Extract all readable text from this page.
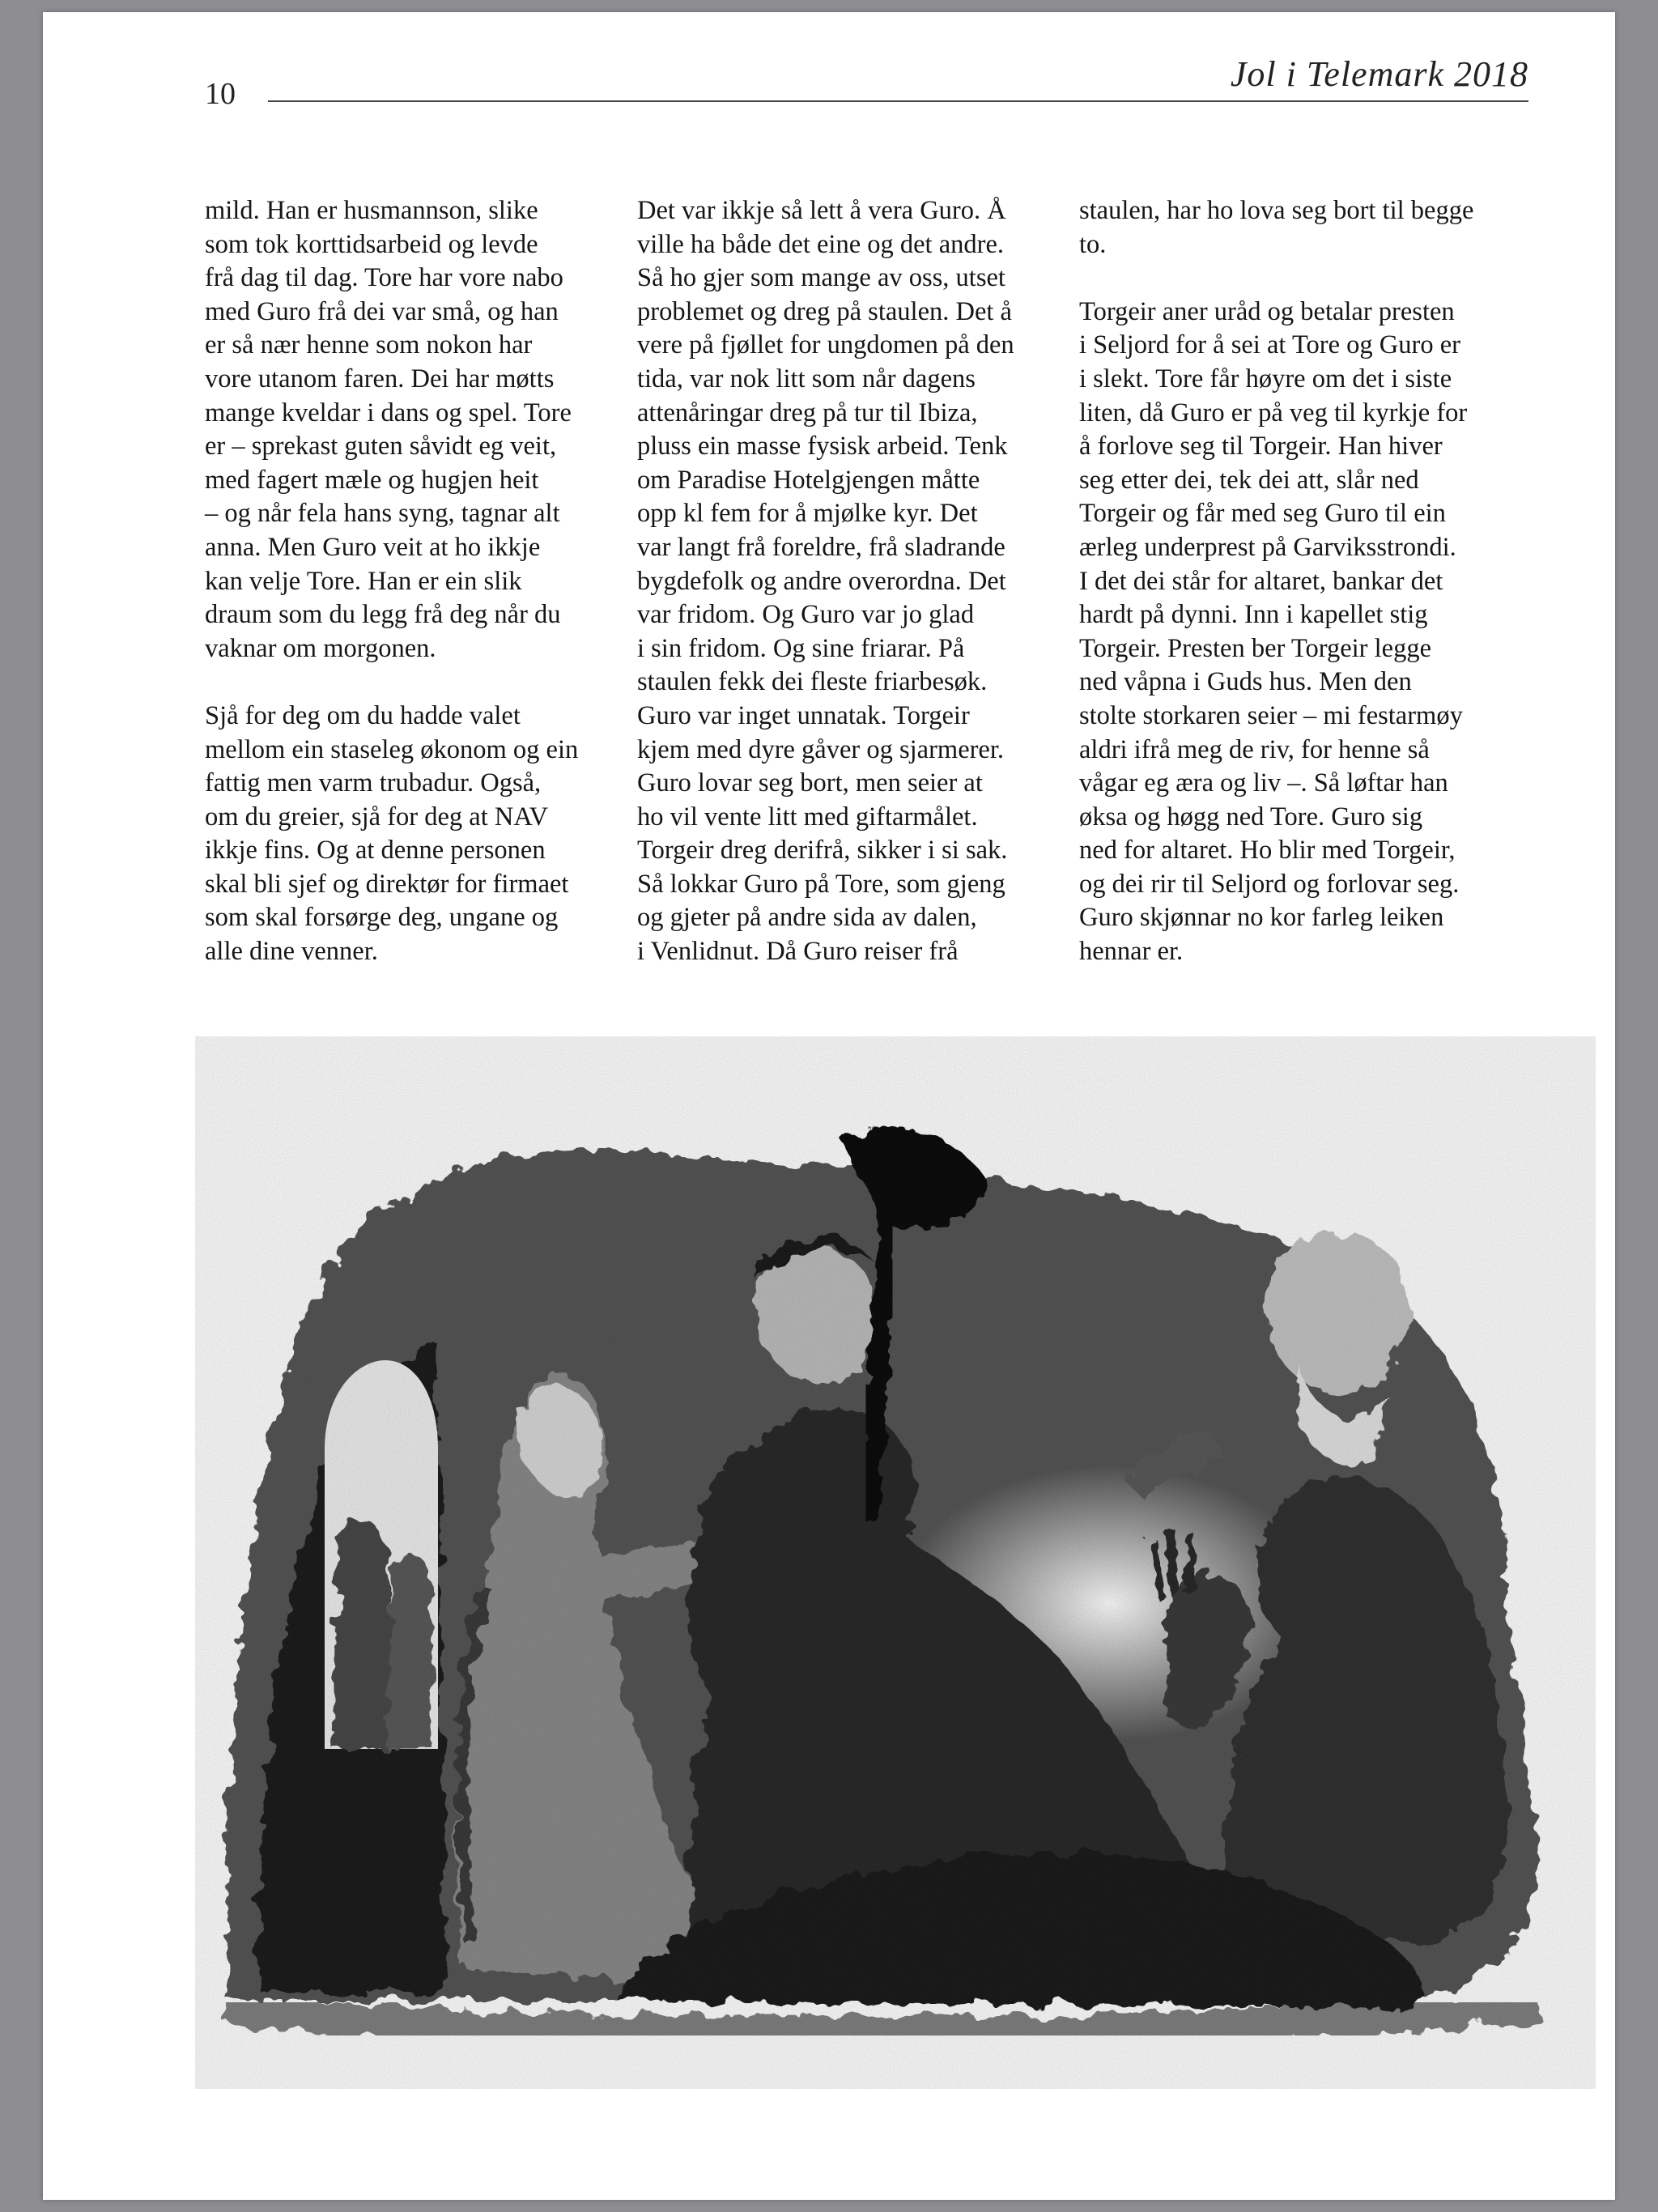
10	Jol i Telemark 2018

mild. Han er husmannson, slike
som tok korttidsarbeid og levde
frå dag til dag. Tore har vore nabo
med Guro frå dei var små, og han
er så nær henne som nokon har
vore utanom faren. Dei har møtts
mange kveldar i dans og spel. Tore
er – sprekast guten såvidt eg veit,
med fagert mæle og hugjen heit
– og når fela hans syng, tagnar alt
anna. Men Guro veit at ho ikkje
kan velje Tore. Han er ein slik
draum som du legg frå deg når du
vaknar om morgonen.

Sjå for deg om du hadde valet
mellom ein staseleg økonom og ein
fattig men varm trubadur. Også,
om du greier, sjå for deg at NAV
ikkje fins. Og at denne personen
skal bli sjef og direktør for firmaet
som skal forsørge deg, ungane og
alle dine venner.

Det var ikkje så lett å vera Guro. Å
ville ha både det eine og det andre.
Så ho gjer som mange av oss, utset
problemet og dreg på staulen. Det å
vere på fjøllet for ungdomen på den
tida, var nok litt som når dagens
attenåringar dreg på tur til Ibiza,
pluss ein masse fysisk arbeid. Tenk
om Paradise Hotelgjengen måtte
opp kl fem for å mjølke kyr. Det
var langt frå foreldre, frå sladrande
bygdefolk og andre overordna. Det
var fridom. Og Guro var jo glad
i sin fridom. Og sine friarar. På
staulen fekk dei fleste friarbesøk.
Guro var inget unnatak. Torgeir
kjem med dyre gåver og sjarmerer.
Guro lovar seg bort, men seier at
ho vil vente litt med giftarmålet.
Torgeir dreg derifrå, sikker i si sak.
Så lokkar Guro på Tore, som gjeng
og gjeter på andre sida av dalen,
i Venlidnut. Då Guro reiser frå

staulen, har ho lova seg bort til begge
to.

Torgeir aner uråd og betalar presten
i Seljord for å sei at Tore og Guro er
i slekt. Tore får høyre om det i siste
liten, då Guro er på veg til kyrkje for
å forlove seg til Torgeir. Han hiver
seg etter dei, tek dei att, slår ned
Torgeir og får med seg Guro til ein
ærleg underprest på Garviksstrondi.
I det dei står for altaret, bankar det
hardt på dynni. Inn i kapellet stig
Torgeir. Presten ber Torgeir legge
ned våpna i Guds hus. Men den
stolte storkaren seier – mi festarmøy
aldri ifrå meg de riv, for henne så
vågar eg æra og liv –. Så løftar han
øksa og høgg ned Tore. Guro sig
ned for altaret. Ho blir med Torgeir,
og dei rir til Seljord og forlovar seg.
Guro skjønnar no kor farleg leiken
hennar er.
